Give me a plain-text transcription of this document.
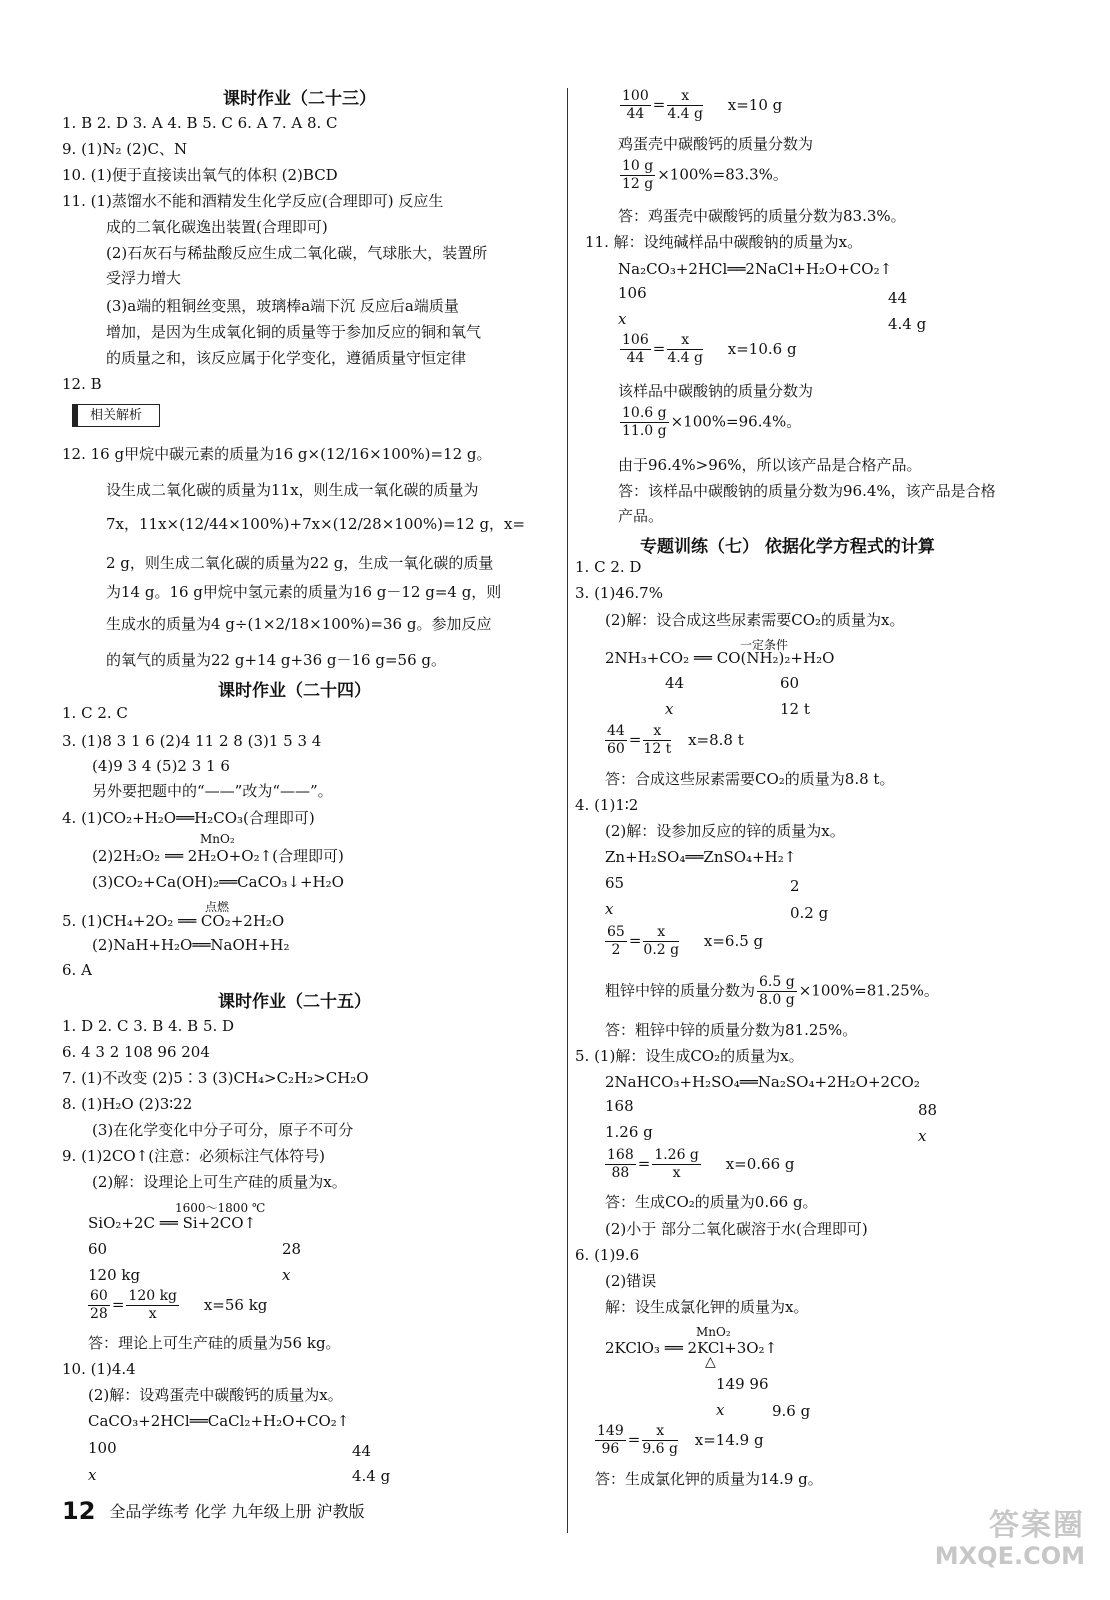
课时作业（二十三）
1. B 2. D 3. A 4. B 5. C 6. A 7. A 8. C
9. (1)N₂ (2)C、N
10. (1)便于直接读出氧气的体积 (2)BCD
11. (1)蒸馏水不能和酒精发生化学反应(合理即可) 反应生
成的二氧化碳逸出装置(合理即可)
(2)石灰石与稀盐酸反应生成二氧化碳，气球胀大，装置所
受浮力增大
(3)a端的粗铜丝变黑，玻璃棒a端下沉 反应后a端质量
增加，是因为生成氧化铜的质量等于参加反应的铜和氧气
的质量之和，该反应属于化学变化，遵循质量守恒定律
12. B
相关解析
12. 16 g甲烷中碳元素的质量为16 g×(12/16×100%)=12 g。
设生成二氧化碳的质量为11x，则生成一氧化碳的质量为
7x，11x×(12/44×100%)+7x×(12/28×100%)=12 g，x=
2 g，则生成二氧化碳的质量为22 g，生成一氧化碳的质量
为14 g。16 g甲烷中氢元素的质量为16 g－12 g=4 g，则
生成水的质量为4 g÷(1×2/18×100%)=36 g。参加反应
的氧气的质量为22 g+14 g+36 g－16 g=56 g。
课时作业（二十四）
1. C 2. C
3. (1)8 3 1 6 (2)4 11 2 8 (3)1 5 3 4
(4)9 3 4 (5)2 3 1 6
另外要把题中的“——”改为“——”。
4. (1)CO₂+H₂O══H₂CO₃(合理即可)
MnO₂
(2)2H₂O₂ ══ 2H₂O+O₂↑(合理即可)
(3)CO₂+Ca(OH)₂══CaCO₃↓+H₂O
点燃
5. (1)CH₄+2O₂ ══ CO₂+2H₂O
(2)NaH+H₂O══NaOH+H₂
6. A
课时作业（二十五）
1. D 2. C 3. B 4. B 5. D
6. 4 3 2 108 96 204
7. (1)不改变 (2)5∶3 (3)CH₄>C₂H₂>CH₂O
8. (1)H₂O (2)3∶22
(3)在化学变化中分子可分，原子不可分
9. (1)2CO↑(注意：必须标注气体符号)
(2)解：设理论上可生产硅的质量为x。
1600～1800 ℃
SiO₂+2C ══ Si+2CO↑
60	28
120 kg	x
$\frac{60}{28} = \frac{120 kg}{x} x=56$ kg
答：理论上可生产硅的质量为56 kg。
10. (1)4.4
(2)解：设鸡蛋壳中碳酸钙的质量为x。
CaCO₃+2HCl══CaCl₂+H₂O+CO₂↑
100	44
x	4.4 g
$\frac{100}{44} = \frac{x}{4.4 g} x=10$ g
鸡蛋壳中碳酸钙的质量分数为
$\frac{10 g}{12 g} \times 100\%=83.3\%$。
答：鸡蛋壳中碳酸钙的质量分数为83.3%。
11. 解：设纯碱样品中碳酸钠的质量为x。
Na₂CO₃+2HCl══2NaCl+H₂O+CO₂↑
106	44
x	4.4 g
$\frac{106}{44} = \frac{x}{4.4 g} x=10.6$ g
该样品中碳酸钠的质量分数为
$\frac{10.6 g}{11.0 g} \times 100\%=96.4\%$。
由于96.4%>96%，所以该产品是合格产品。
答：该样品中碳酸钠的质量分数为96.4%，该产品是合格
产品。
专题训练（七） 依据化学方程式的计算
1. C 2. D
3. (1)46.7%
(2)解：设合成这些尿素需要CO₂的质量为x。
一定条件
2NH₃+CO₂ ══ CO(NH₂)₂+H₂O
44	60
x	12 t
$\frac{44}{60} = \frac{x}{12 t} x=8.8$ t
答：合成这些尿素需要CO₂的质量为8.8 t。
4. (1)1∶2
(2)解：设参加反应的锌的质量为x。
Zn+H₂SO₄══ZnSO₄+H₂↑
65	2
x	0.2 g
$\frac{65}{2} = \frac{x}{0.2 g} x=6.5$ g
粗锌中锌的质量分数为 $\frac{6.5 g}{8.0 g} \times 100\%=81.25\%$。
答：粗锌中锌的质量分数为81.25%。
5. (1)解：设生成CO₂的质量为x。
2NaHCO₃+H₂SO₄══Na₂SO₄+2H₂O+2CO₂
168	88
1.26 g	x
$\frac{168}{88} = \frac{1.26 g}{x} x=0.66$ g
答：生成CO₂的质量为0.66 g。
(2)小于 部分二氧化碳溶于水(合理即可)
6. (1)9.6
(2)错误
解：设生成氯化钾的质量为x。
MnO₂
2KClO₃ ══ 2KCl+3O₂↑
△
149 96
x	9.6 g
$\frac{149}{96} = \frac{x}{9.6 g} x=14.9$ g
答：生成氯化钾的质量为14.9 g。
12 全品学练考 化学 九年级上册 沪教版	答案圈
MXQE.COM
